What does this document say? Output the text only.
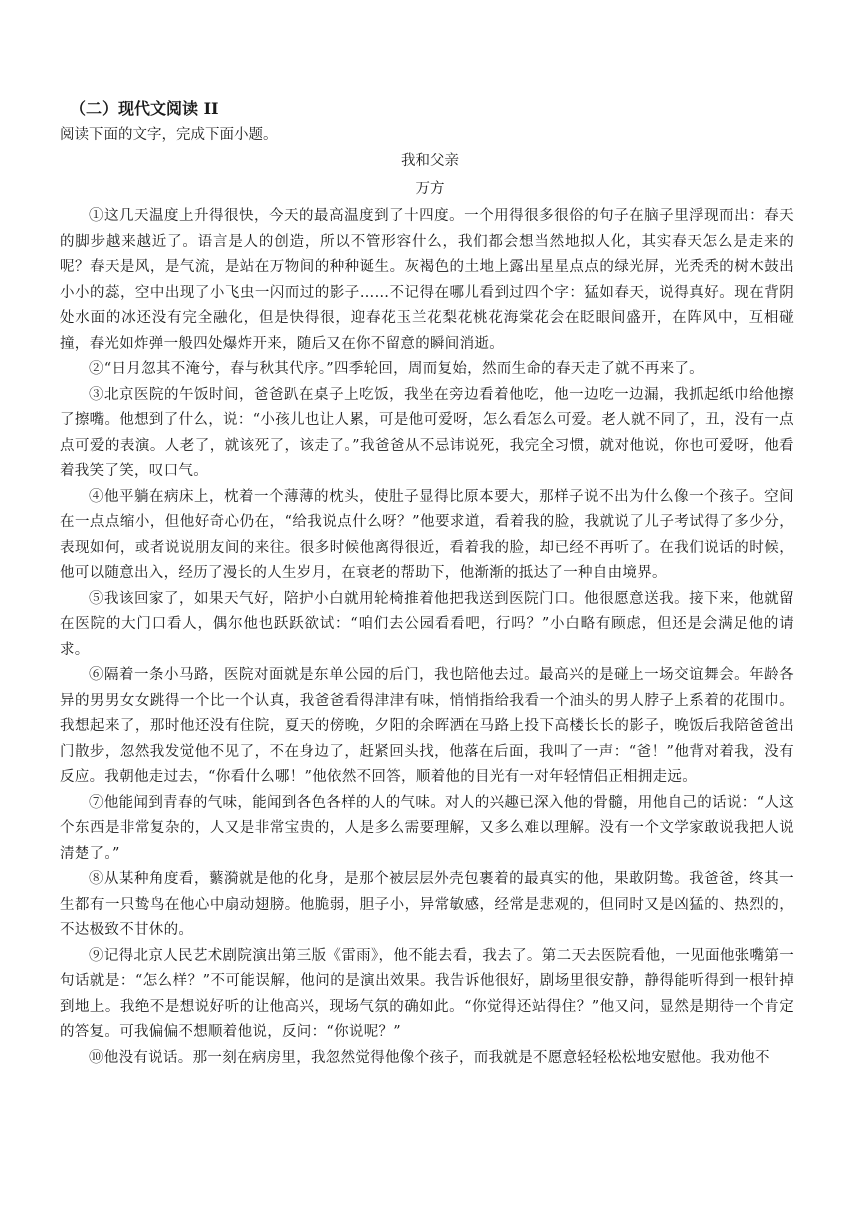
（二）现代文阅读 II
阅读下面的文字，完成下面小题。
我和父亲
万方

①这几天温度上升得很快，今天的最高温度到了十四度。一个用得很多很俗的句子在脑子里浮现而出：春天的脚步越来越近了。语言是人的创造，所以不管形容什么，我们都会想当然地拟人化，其实春天怎么是走来的呢？春天是风，是气流，是站在万物间的种种诞生。灰褐色的土地上露出星星点点的绿光屏，光秃秃的树木鼓出小小的蕊，空中出现了小飞虫一闪而过的影子……不记得在哪儿看到过四个字：猛如春天，说得真好。现在背阴处水面的冰还没有完全融化，但是快得很，迎春花玉兰花梨花桃花海棠花会在眨眼间盛开，在阵风中，互相碰撞，春光如炸弹一般四处爆炸开来，随后又在你不留意的瞬间消逝。

②“日月忽其不淹兮，春与秋其代序。”四季轮回，周而复始，然而生命的春天走了就不再来了。

③北京医院的午饭时间，爸爸趴在桌子上吃饭，我坐在旁边看着他吃，他一边吃一边漏，我抓起纸巾给他擦了擦嘴。他想到了什么，说：“小孩儿也让人累，可是他可爱呀，怎么看怎么可爱。老人就不同了，丑，没有一点点可爱的表演。人老了，就该死了，该走了。”我爸爸从不忌讳说死，我完全习惯，就对他说，你也可爱呀，他看着我笑了笑，叹口气。

④他平躺在病床上，枕着一个薄薄的枕头，使肚子显得比原本要大，那样子说不出为什么像一个孩子。空间在一点点缩小，但他好奇心仍在，“给我说点什么呀？”他要求道，看着我的脸，我就说了儿子考试得了多少分，表现如何，或者说说朋友间的来往。很多时候他离得很近，看着我的脸，却已经不再听了。在我们说话的时候，他可以随意出入，经历了漫长的人生岁月，在衰老的帮助下，他渐渐的抵达了一种自由境界。

⑤我该回家了，如果天气好，陪护小白就用轮椅推着他把我送到医院门口。他很愿意送我。接下来，他就留在医院的大门口看人，偶尔他也跃跃欲试：“咱们去公园看看吧，行吗？”小白略有顾虑，但还是会满足他的请求。

⑥隔着一条小马路，医院对面就是东单公园的后门，我也陪他去过。最高兴的是碰上一场交谊舞会。年龄各异的男男女女跳得一个比一个认真，我爸爸看得津津有味，悄悄指给我看一个油头的男人脖子上系着的花围巾。我想起来了，那时他还没有住院，夏天的傍晚，夕阳的余晖洒在马路上投下高楼长长的影子，晚饭后我陪爸爸出门散步，忽然我发觉他不见了，不在身边了，赶紧回头找，他落在后面，我叫了一声：“爸！”他背对着我，没有反应。我朝他走过去，“你看什么哪！”他依然不回答，顺着他的目光有一对年轻情侣正相拥走远。

⑦他能闻到青春的气味，能闻到各色各样的人的气味。对人的兴趣已深入他的骨髓，用他自己的话说：“人这个东西是非常复杂的，人又是非常宝贵的，人是多么需要理解，又多么难以理解。没有一个文学家敢说我把人说清楚了。”

⑧从某种角度看，蘩漪就是他的化身，是那个被层层外壳包裹着的最真实的他，果敢阴鸷。我爸爸，终其一生都有一只鸷鸟在他心中扇动翅膀。他脆弱，胆子小，异常敏感，经常是悲观的，但同时又是凶猛的、热烈的，不达极致不甘休的。

⑨记得北京人民艺术剧院演出第三版《雷雨》，他不能去看，我去了。第二天去医院看他，一见面他张嘴第一句话就是：“怎么样？”不可能误解，他问的是演出效果。我告诉他很好，剧场里很安静，静得能听得到一根针掉到地上。我绝不是想说好听的让他高兴，现场气氛的确如此。“你觉得还站得住？”他又问，显然是期待一个肯定的答复。可我偏偏不想顺着他说，反问：“你说呢？”

⑩他没有说话。那一刻在病房里，我忽然觉得他像个孩子，而我就是不愿意轻轻松松地安慰他。我劝他不
